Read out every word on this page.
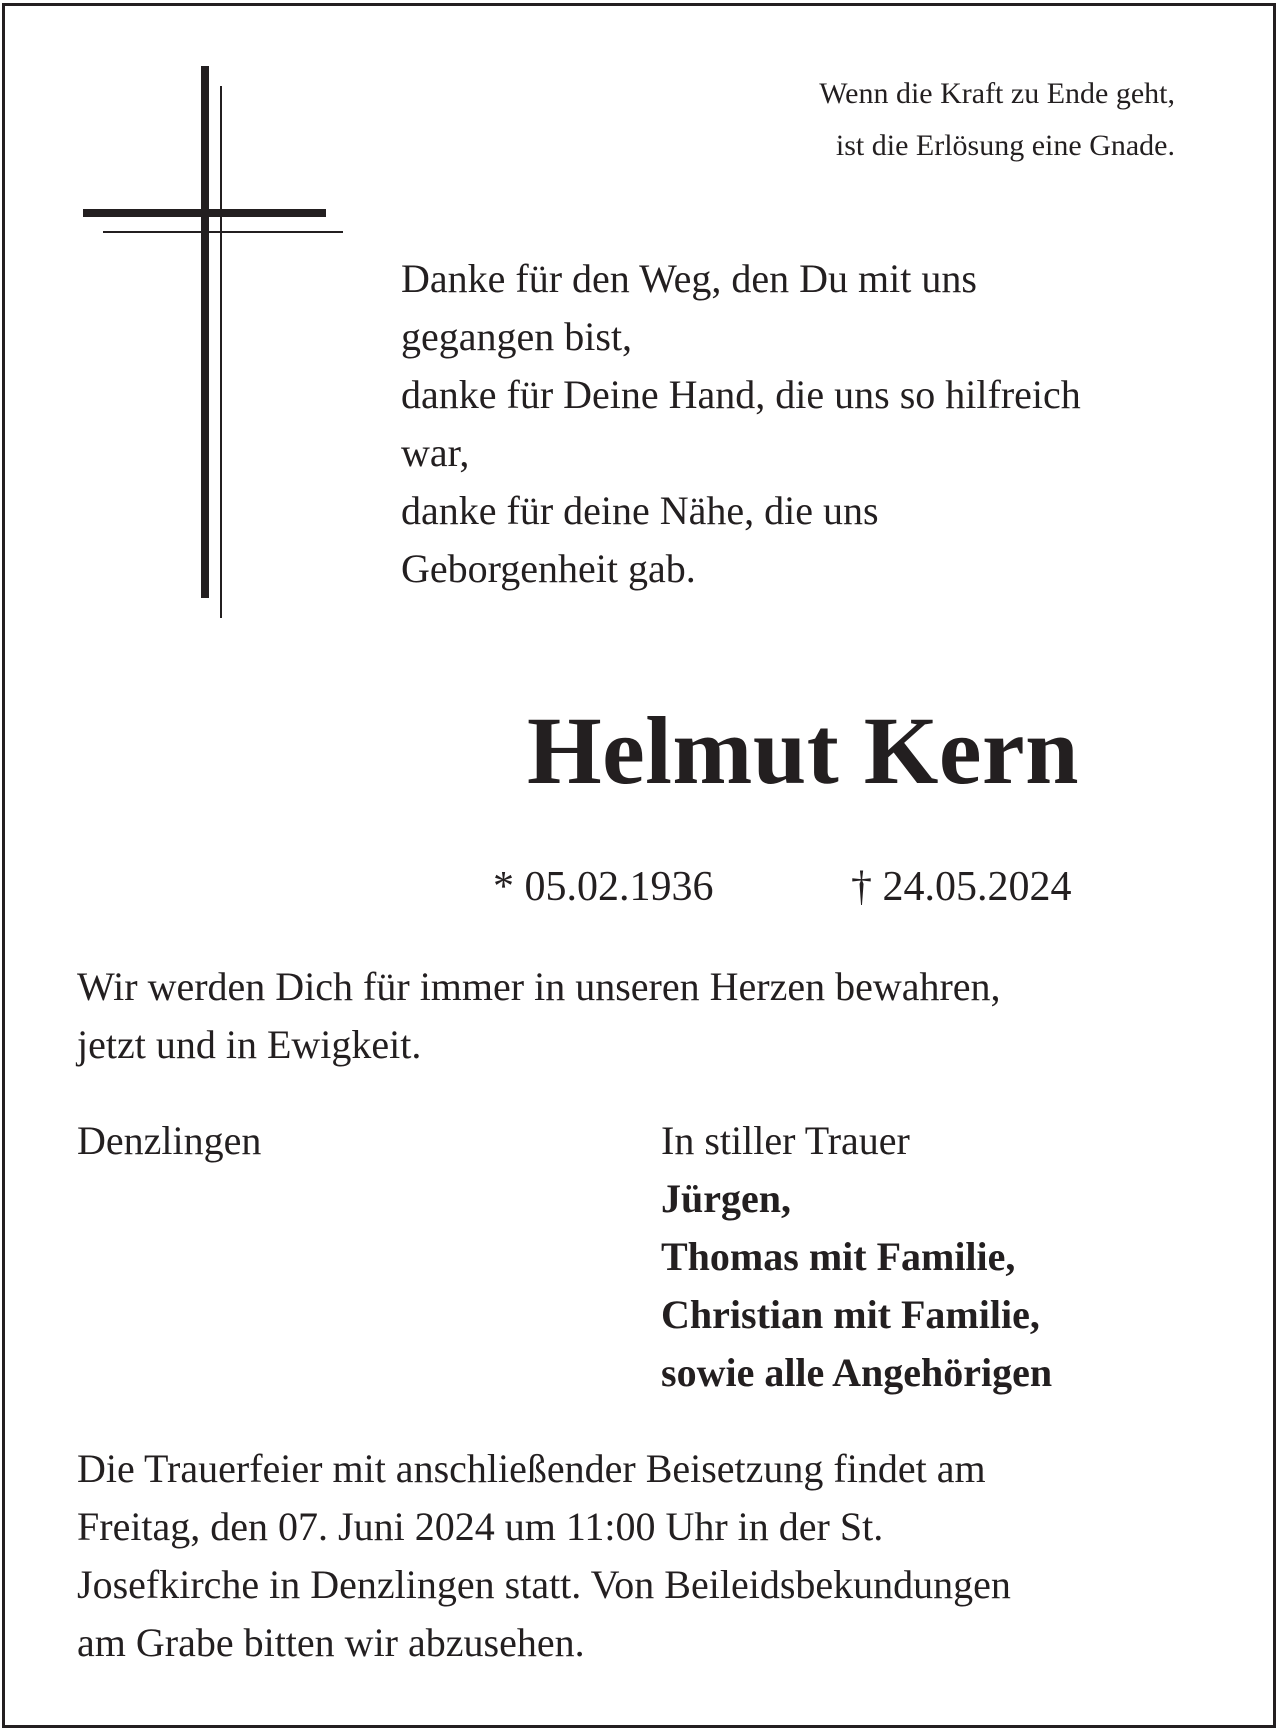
Wenn die Kraft zu Ende geht,
ist die Erlösung eine Gnade.
Danke für den Weg, den Du mit uns
gegangen bist,
danke für Deine Hand, die uns so hilfreich
war,
danke für deine Nähe, die uns
Geborgenheit gab.
Helmut Kern
* 05.02.1936	† 24.05.2024
Wir werden Dich für immer in unseren Herzen bewahren,
jetzt und in Ewigkeit.
Denzlingen	In stiller Trauer
Jürgen,
Thomas mit Familie,
Christian mit Familie,
sowie alle Angehörigen
Die Trauerfeier mit anschließender Beisetzung findet am
Freitag, den 07. Juni 2024 um 11:00 Uhr in der St.
Josefkirche in Denzlingen statt. Von Beileidsbekundungen
am Grabe bitten wir abzusehen.
